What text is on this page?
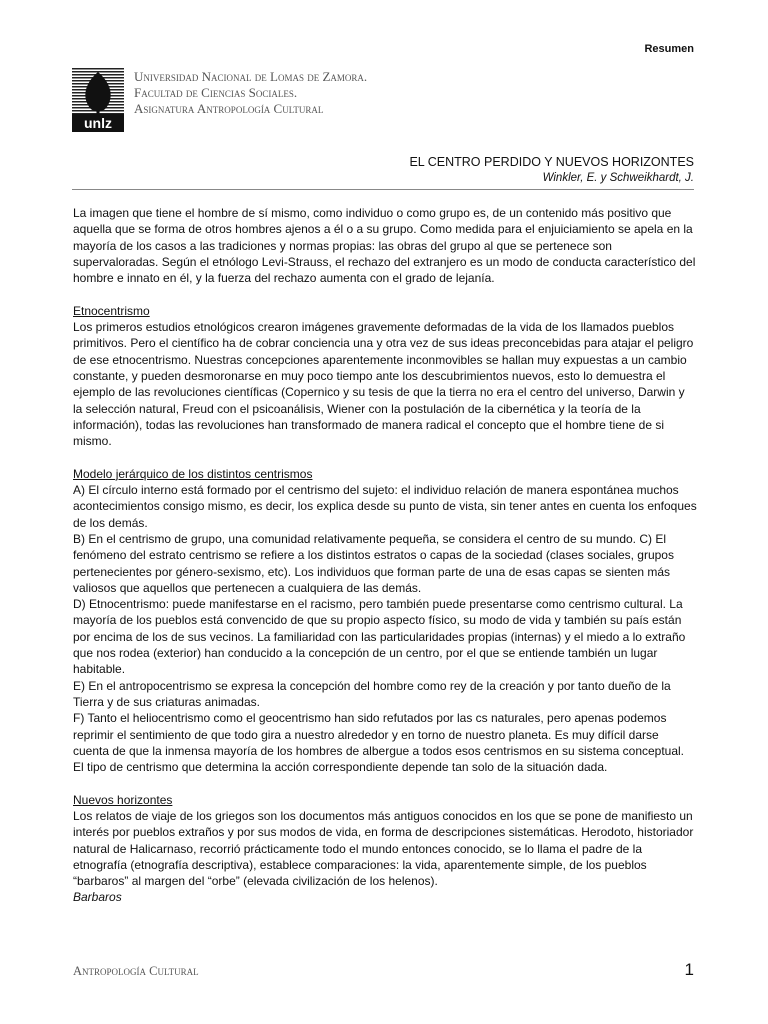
Resumen
unlz
Universidad Nacional de Lomas de Zamora.
Facultad de Ciencias Sociales.
Asignatura Antropología Cultural
EL CENTRO PERDIDO Y NUEVOS HORIZONTES
Winkler, E. y Schweikhardt, J.

La imagen que tiene el hombre de sí mismo, como individuo o como grupo es, de un contenido más positivo que aquella que se forma de otros hombres ajenos a él o a su grupo. Como medida para el enjuiciamiento se apela en la mayoría de los casos a las tradiciones y normas propias: las obras del grupo al que se pertenece son supervaloradas. Según el etnólogo Levi-Strauss, el rechazo del extranjero es un modo de conducta característico del hombre e innato en él, y la fuerza del rechazo aumenta con el grado de lejanía.

Etnocentrismo

Los primeros estudios etnológicos crearon imágenes gravemente deformadas de la vida de los llamados pueblos primitivos. Pero el científico ha de cobrar conciencia una y otra vez de sus ideas preconcebidas para atajar el peligro de ese etnocentrismo. Nuestras concepciones aparentemente inconmovibles se hallan muy expuestas a un cambio constante, y pueden desmoronarse en muy poco tiempo ante los descubrimientos nuevos, esto lo demuestra el ejemplo de las revoluciones científicas (Copernico y su tesis de que la tierra no era el centro del universo, Darwin y la selección natural, Freud con el psicoanálisis, Wiener con la postulación de la cibernética y la teoría de la información), todas las revoluciones han transformado de manera radical el concepto que el hombre tiene de si mismo.

Modelo jerárquico de los distintos centrismos

A) El círculo interno está formado por el centrismo del sujeto: el individuo relación de manera espontánea muchos acontecimientos consigo mismo, es decir, los explica desde su punto de vista, sin tener antes en cuenta los enfoques de los demás.

B) En el centrismo de grupo, una comunidad relativamente pequeña, se considera el centro de su mundo. C) El fenómeno del estrato centrismo se refiere a los distintos estratos o capas de la sociedad (clases sociales, grupos pertenecientes por género-sexismo, etc). Los individuos que forman parte de una de esas capas se sienten más valiosos que aquellos que pertenecen a cualquiera de las demás.

D) Etnocentrismo: puede manifestarse en el racismo, pero también puede presentarse como centrismo cultural. La mayoría de los pueblos está convencido de que su propio aspecto físico, su modo de vida y también su país están por encima de los de sus vecinos. La familiaridad con las particularidades propias (internas) y el miedo a lo extraño que nos rodea (exterior) han conducido a la concepción de un centro, por el que se entiende también un lugar habitable.

E) En el antropocentrismo se expresa la concepción del hombre como rey de la creación y por tanto dueño de la Tierra y de sus criaturas animadas.

F) Tanto el heliocentrismo como el geocentrismo han sido refutados por las cs naturales, pero apenas podemos reprimir el sentimiento de que todo gira a nuestro alrededor y en torno de nuestro planeta. Es muy difícil darse cuenta de que la inmensa mayoría de los hombres de albergue a todos esos centrismos en su sistema conceptual. El tipo de centrismo que determina la acción correspondiente depende tan solo de la situación dada.

Nuevos horizontes

Los relatos de viaje de los griegos son los documentos más antiguos conocidos en los que se pone de manifiesto un interés por pueblos extraños y por sus modos de vida, en forma de descripciones sistemáticas. Herodoto, historiador natural de Halicarnaso, recorrió prácticamente todo el mundo entonces conocido, se lo llama el padre de la etnografía (etnografía descriptiva), establece comparaciones: la vida, aparentemente simple, de los pueblos “barbaros” al margen del “orbe” (elevada civilización de los helenos).

Barbaros

Antropología Cultural	1
